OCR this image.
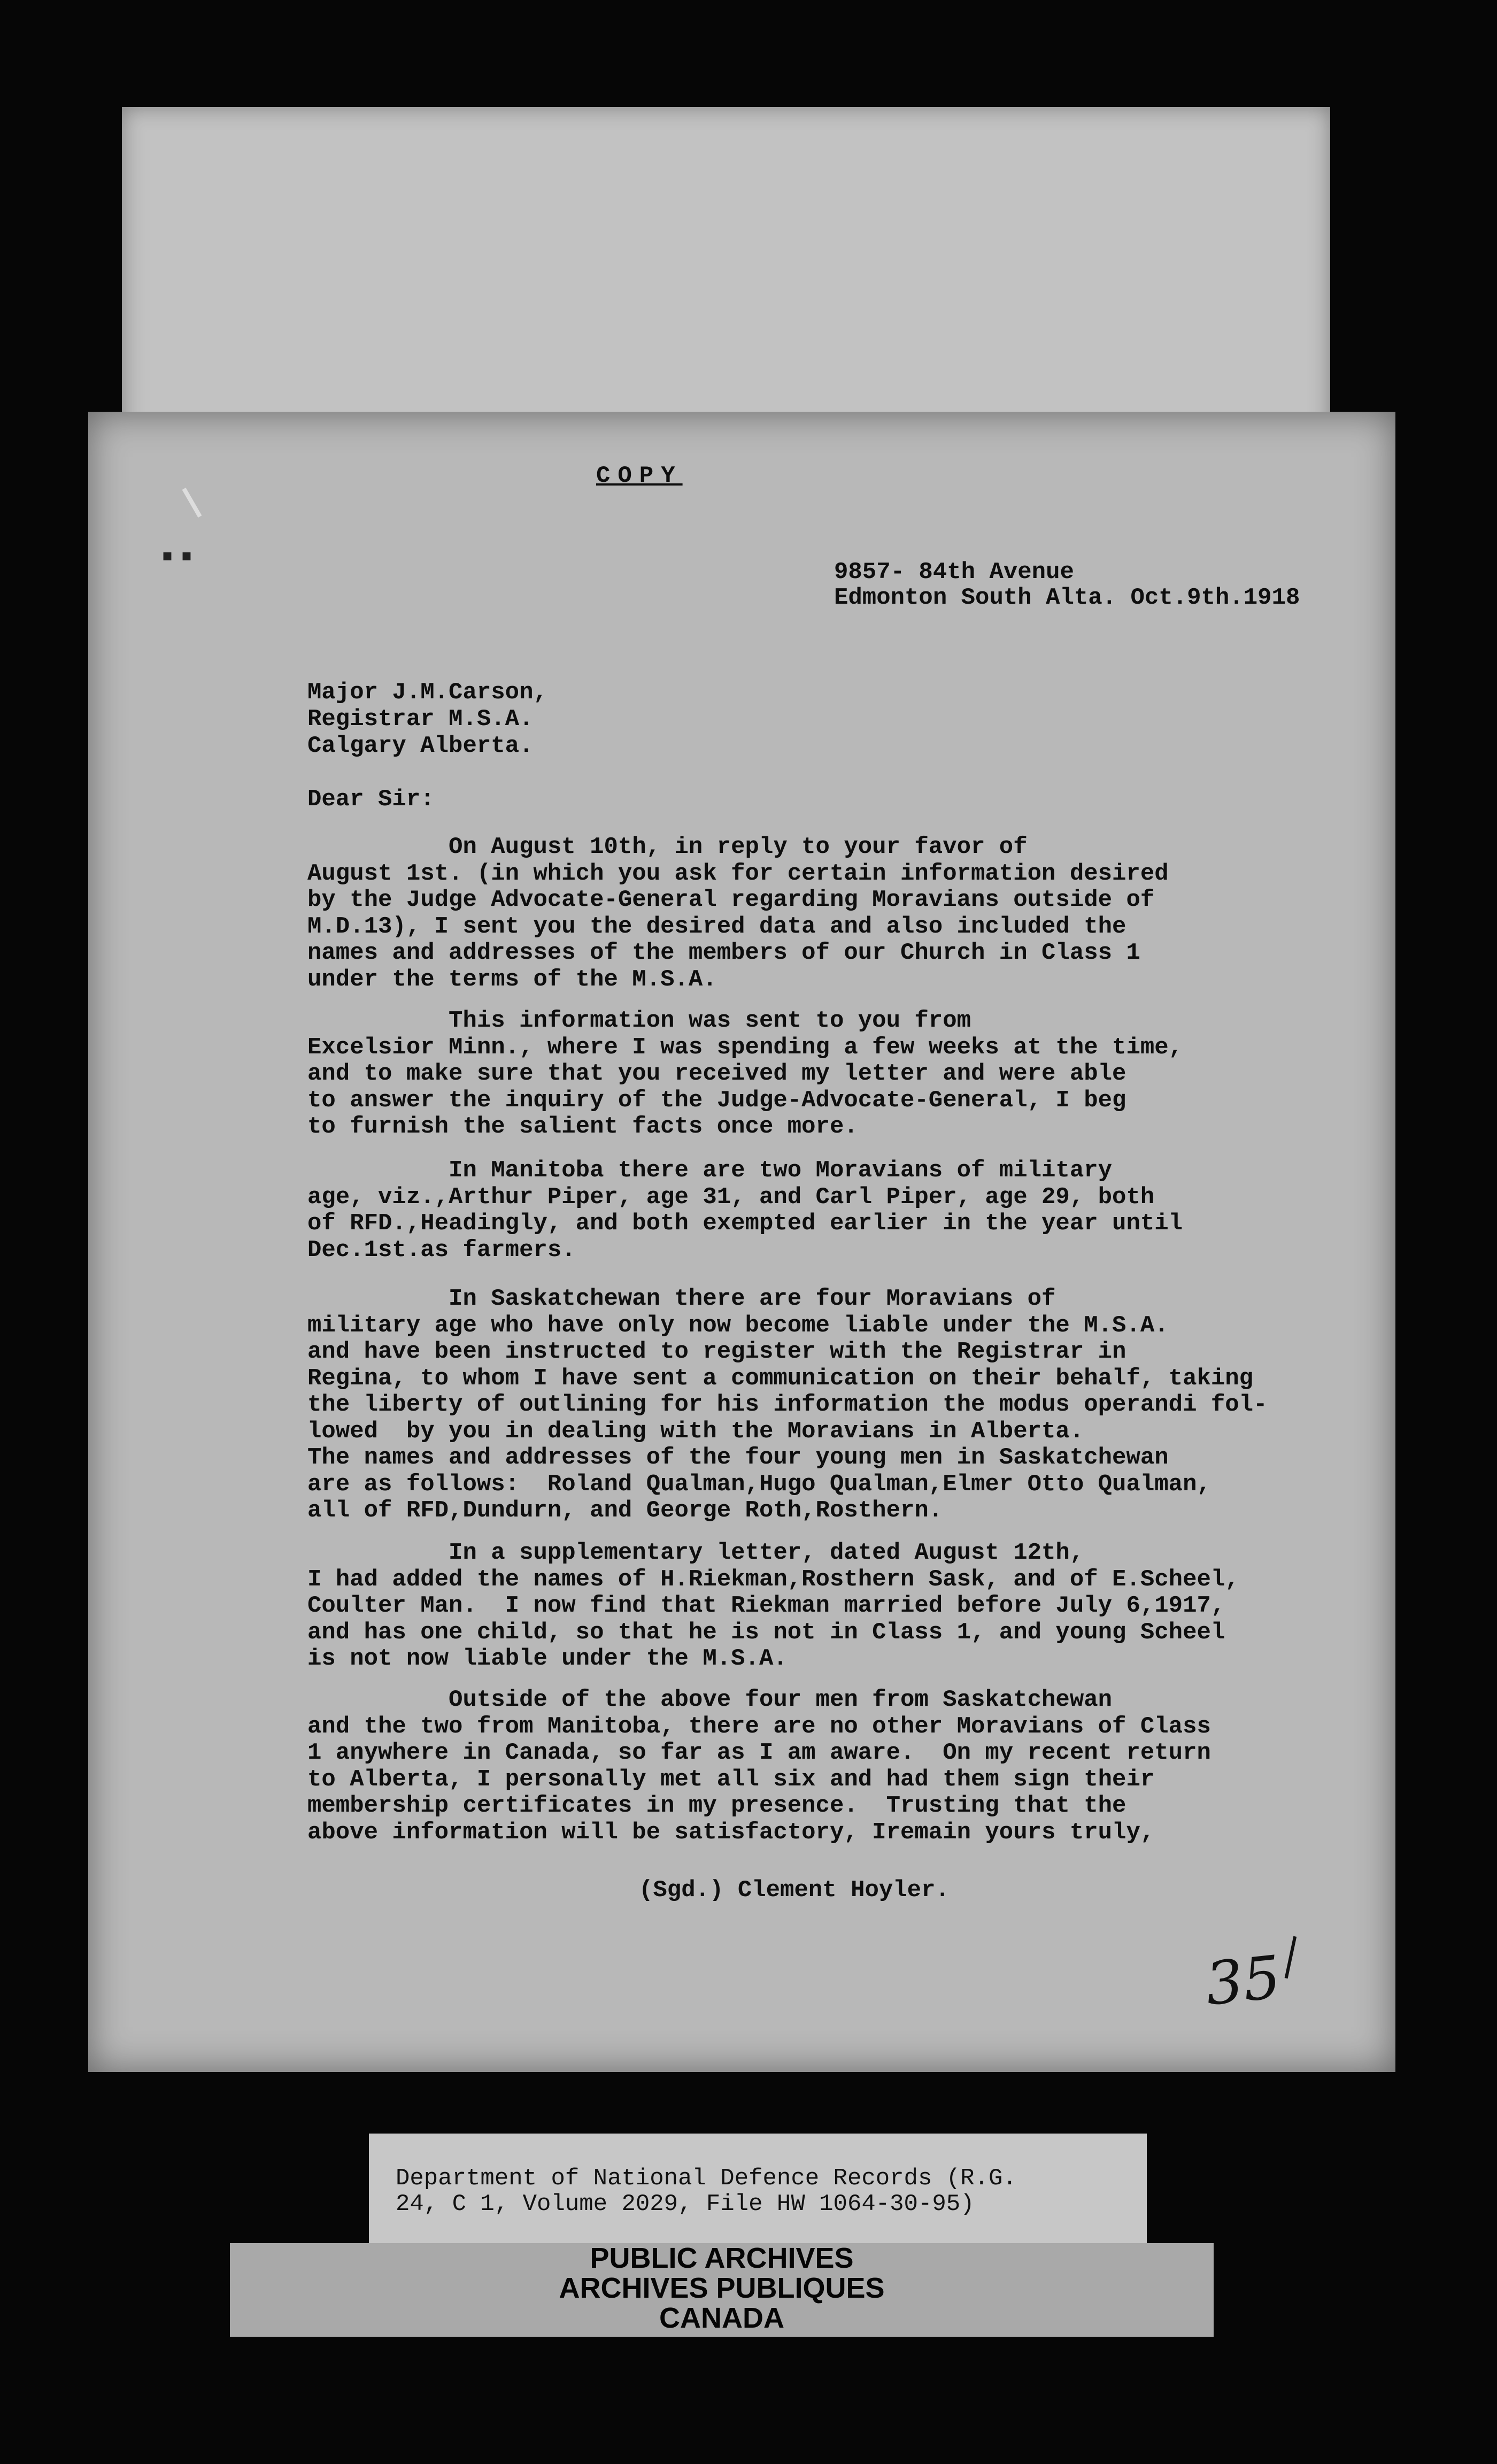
▪▪
COPY
9857- 84th Avenue
Edmonton South Alta. Oct.9th.1918
Major J.M.Carson,
Registrar M.S.A.
Calgary Alberta.
Dear Sir:
On August 10th, in reply to your favor of
August 1st. (in which you ask for certain information desired
by the Judge Advocate-General regarding Moravians outside of
M.D.13), I sent you the desired data and also included the
names and addresses of the members of our Church in Class 1
under the terms of the M.S.A.
This information was sent to you from
Excelsior Minn., where I was spending a few weeks at the time,
and to make sure that you received my letter and were able
to answer the inquiry of the Judge-Advocate-General, I beg
to furnish the salient facts once more.
In Manitoba there are two Moravians of military
age, viz.,Arthur Piper, age 31, and Carl Piper, age 29, both
of RFD.,Headingly, and both exempted earlier in the year until
Dec.1st.as farmers.
In Saskatchewan there are four Moravians of
military age who have only now become liable under the M.S.A.
and have been instructed to register with the Registrar in
Regina, to whom I have sent a communication on their behalf, taking
the liberty of outlining for his information the modus operandi fol-
lowed  by you in dealing with the Moravians in Alberta.
The names and addresses of the four young men in Saskatchewan
are as follows:  Roland Qualman,Hugo Qualman,Elmer Otto Qualman,
all of RFD,Dundurn, and George Roth,Rosthern.
In a supplementary letter, dated August 12th,
I had added the names of H.Riekman,Rosthern Sask, and of E.Scheel,
Coulter Man.  I now find that Riekman married before July 6,1917,
and has one child, so that he is not in Class 1, and young Scheel
is not now liable under the M.S.A.
Outside of the above four men from Saskatchewan
and the two from Manitoba, there are no other Moravians of Class
1 anywhere in Canada, so far as I am aware.  On my recent return
to Alberta, I personally met all six and had them sign their
membership certificates in my presence.  Trusting that the
above information will be satisfactory, Iremain yours truly,
(Sgd.) Clement Hoyler.
35
Department of National Defence Records (R.G.
24, C 1, Volume 2029, File HW 1064-30-95)
PUBLIC ARCHIVES
ARCHIVES PUBLIQUES
CANADA
